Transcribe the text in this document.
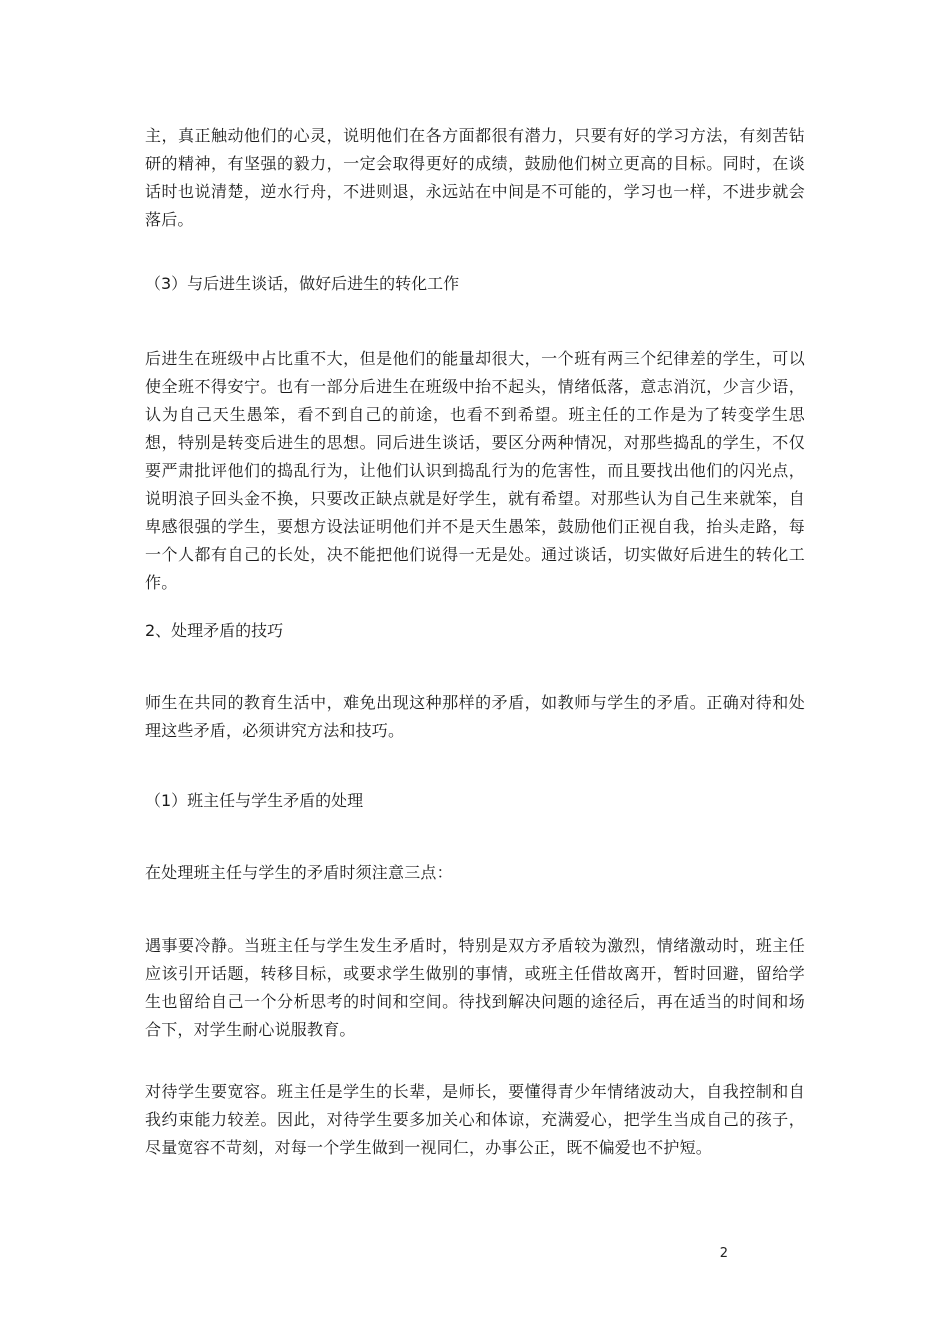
主，真正触动他们的心灵，说明他们在各方面都很有潜力，只要有好的学习方法，有刻苦钻研的精神，有坚强的毅力，一定会取得更好的成绩，鼓励他们树立更高的目标。同时，在谈话时也说清楚，逆水行舟，不进则退，永远站在中间是不可能的，学习也一样，不进步就会落后。

（3）与后进生谈话，做好后进生的转化工作

后进生在班级中占比重不大，但是他们的能量却很大，一个班有两三个纪律差的学生，可以使全班不得安宁。也有一部分后进生在班级中抬不起头，情绪低落，意志消沉，少言少语，认为自己天生愚笨，看不到自己的前途，也看不到希望。班主任的工作是为了转变学生思想，特别是转变后进生的思想。同后进生谈话，要区分两种情况，对那些捣乱的学生，不仅要严肃批评他们的捣乱行为，让他们认识到捣乱行为的危害性，而且要找出他们的闪光点，说明浪子回头金不换，只要改正缺点就是好学生，就有希望。对那些认为自己生来就笨，自卑感很强的学生，要想方设法证明他们并不是天生愚笨，鼓励他们正视自我，抬头走路，每一个人都有自己的长处，决不能把他们说得一无是处。通过谈话，切实做好后进生的转化工作。

2、处理矛盾的技巧

师生在共同的教育生活中，难免出现这种那样的矛盾，如教师与学生的矛盾。正确对待和处理这些矛盾，必须讲究方法和技巧。

（1）班主任与学生矛盾的处理

在处理班主任与学生的矛盾时须注意三点：

遇事要冷静。当班主任与学生发生矛盾时，特别是双方矛盾较为激烈，情绪激动时，班主任应该引开话题，转移目标，或要求学生做别的事情，或班主任借故离开，暂时回避，留给学生也留给自己一个分析思考的时间和空间。待找到解决问题的途径后，再在适当的时间和场合下，对学生耐心说服教育。

对待学生要宽容。班主任是学生的长辈，是师长，要懂得青少年情绪波动大，自我控制和自我约束能力较差。因此，对待学生要多加关心和体谅，充满爱心，把学生当成自己的孩子，尽量宽容不苛刻，对每一个学生做到一视同仁，办事公正，既不偏爱也不护短。

2
